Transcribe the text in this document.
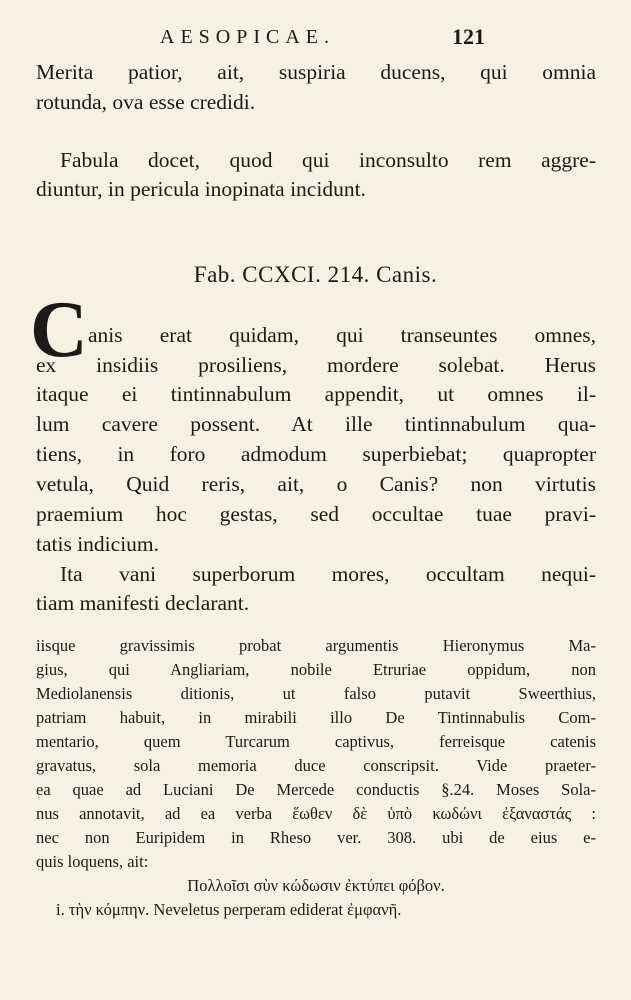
AESOPICAE.	121
Merita patior, ait, suspiria ducens, qui omnia
rotunda, ova esse credidi.
Fabula docet, quod qui inconsulto rem aggre-
diuntur, in pericula inopinata incidunt.
Fab. CCXCI. 214. Canis.
C anis erat quidam, qui transeuntes omnes,
ex insidiis prosiliens, mordere solebat. Herus
itaque ei tintinnabulum appendit, ut omnes il-
lum cavere possent. At ille tintinnabulum qua-
tiens, in foro admodum superbiebat; quapropter
vetula, Quid reris, ait, o Canis? non virtutis
praemium hoc gestas, sed occultae tuae pravi-
tatis indicium.
Ita vani superborum mores, occultam nequi-
tiam manifesti declarant.
iisque gravissimis probat argumentis Hieronymus Ma-
gius, qui Angliariam, nobile Etruriae oppidum, non
Mediolanensis ditionis, ut falso putavit Sweerthius,
patriam habuit, in mirabili illo De Tintinnabulis Com-
mentario, quem Turcarum captivus, ferreisque catenis
gravatus, sola memoria duce conscripsit. Vide praeter-
ea quae ad Luciani De Mercede conductis §.24. Moses Sola-
nus annotavit, ad ea verba ἕωθεν δὲ ὑπὸ κωδώνι ἐξαναστάς :
nec non Euripidem in Rheso ver. 308. ubi de eius e-
quis loquens, ait:
Πολλοῖσι σὺν κώδωσιν ἐκτύπει φόβον.
i. τὴν κόμπην. Neveletus perperam ediderat ἐμφανῆ.
